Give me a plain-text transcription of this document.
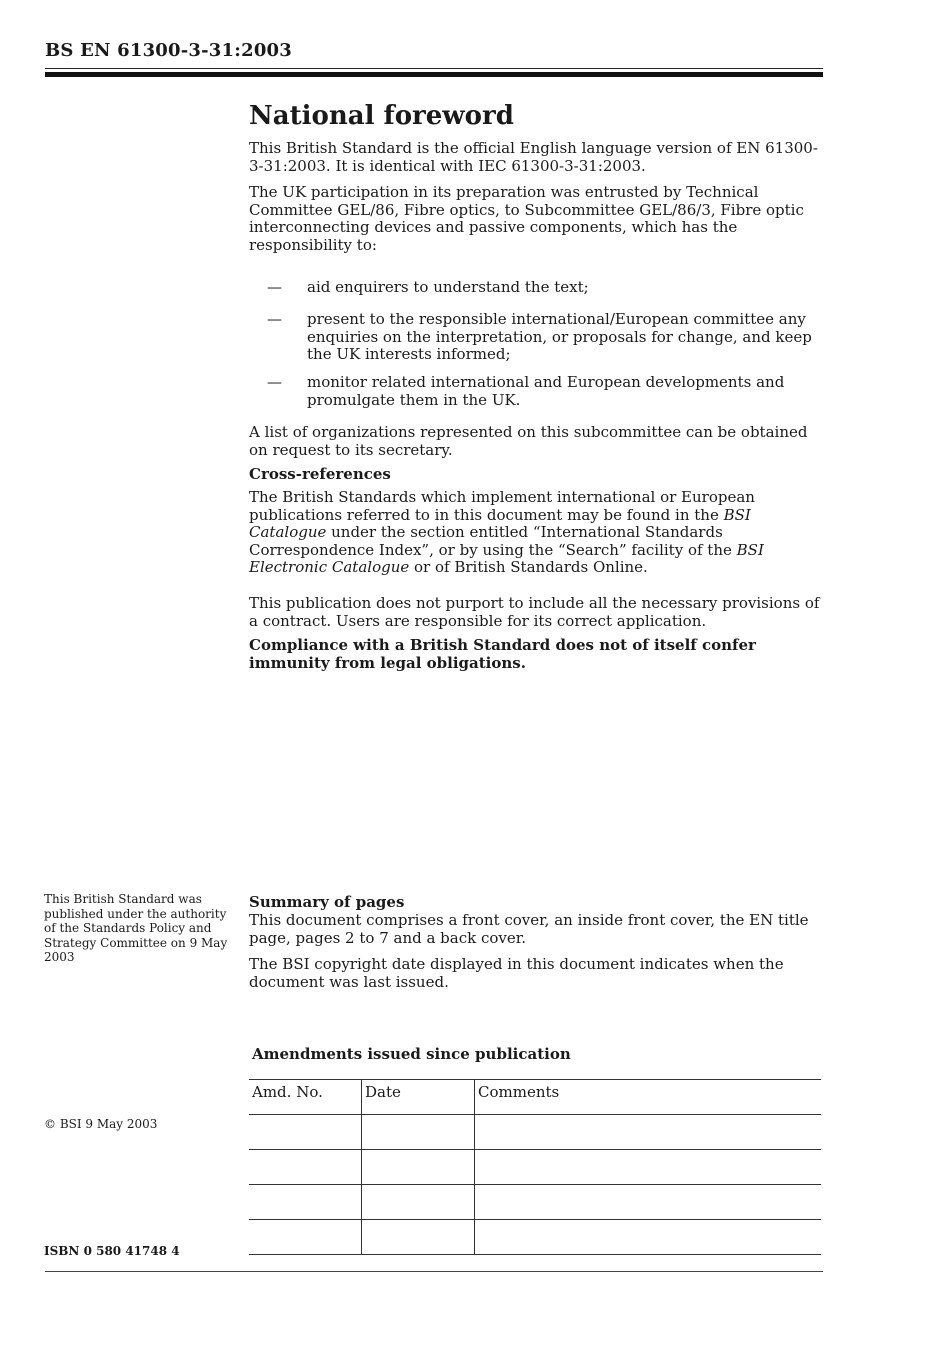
BS EN 61300-3-31:2003
National foreword

This British Standard is the official English language version of EN 61300-3-31:2003. It is identical with IEC 61300-3-31:2003.

The UK participation in its preparation was entrusted by Technical Committee GEL/86, Fibre optics, to Subcommittee GEL/86/3, Fibre optic interconnecting devices and passive components, which has the responsibility to:

—	aid enquirers to understand the text;
—	present to the responsible international/European committee any enquiries on the interpretation, or proposals for change, and keep the UK interests informed;
—	monitor related international and European developments and promulgate them in the UK.

A list of organizations represented on this subcommittee can be obtained on request to its secretary.

Cross-references

The British Standards which implement international or European publications referred to in this document may be found in the BSI Catalogue under the section entitled “International Standards Correspondence Index”, or by using the “Search” facility of the BSI Electronic Catalogue or of British Standards Online.

This publication does not purport to include all the necessary provisions of a contract. Users are responsible for its correct application.

Compliance with a British Standard does not of itself confer immunity from legal obligations.

This British Standard was published under the authority of the Standards Policy and Strategy Committee on 9 May 2003
© BSI 9 May 2003
ISBN 0 580 41748 4
Summary of pages

This document comprises a front cover, an inside front cover, the EN title page, pages 2 to 7 and a back cover.

The BSI copyright date displayed in this document indicates when the document was last issued.

Amendments issued since publication
Amd. No.	Date	Comments
